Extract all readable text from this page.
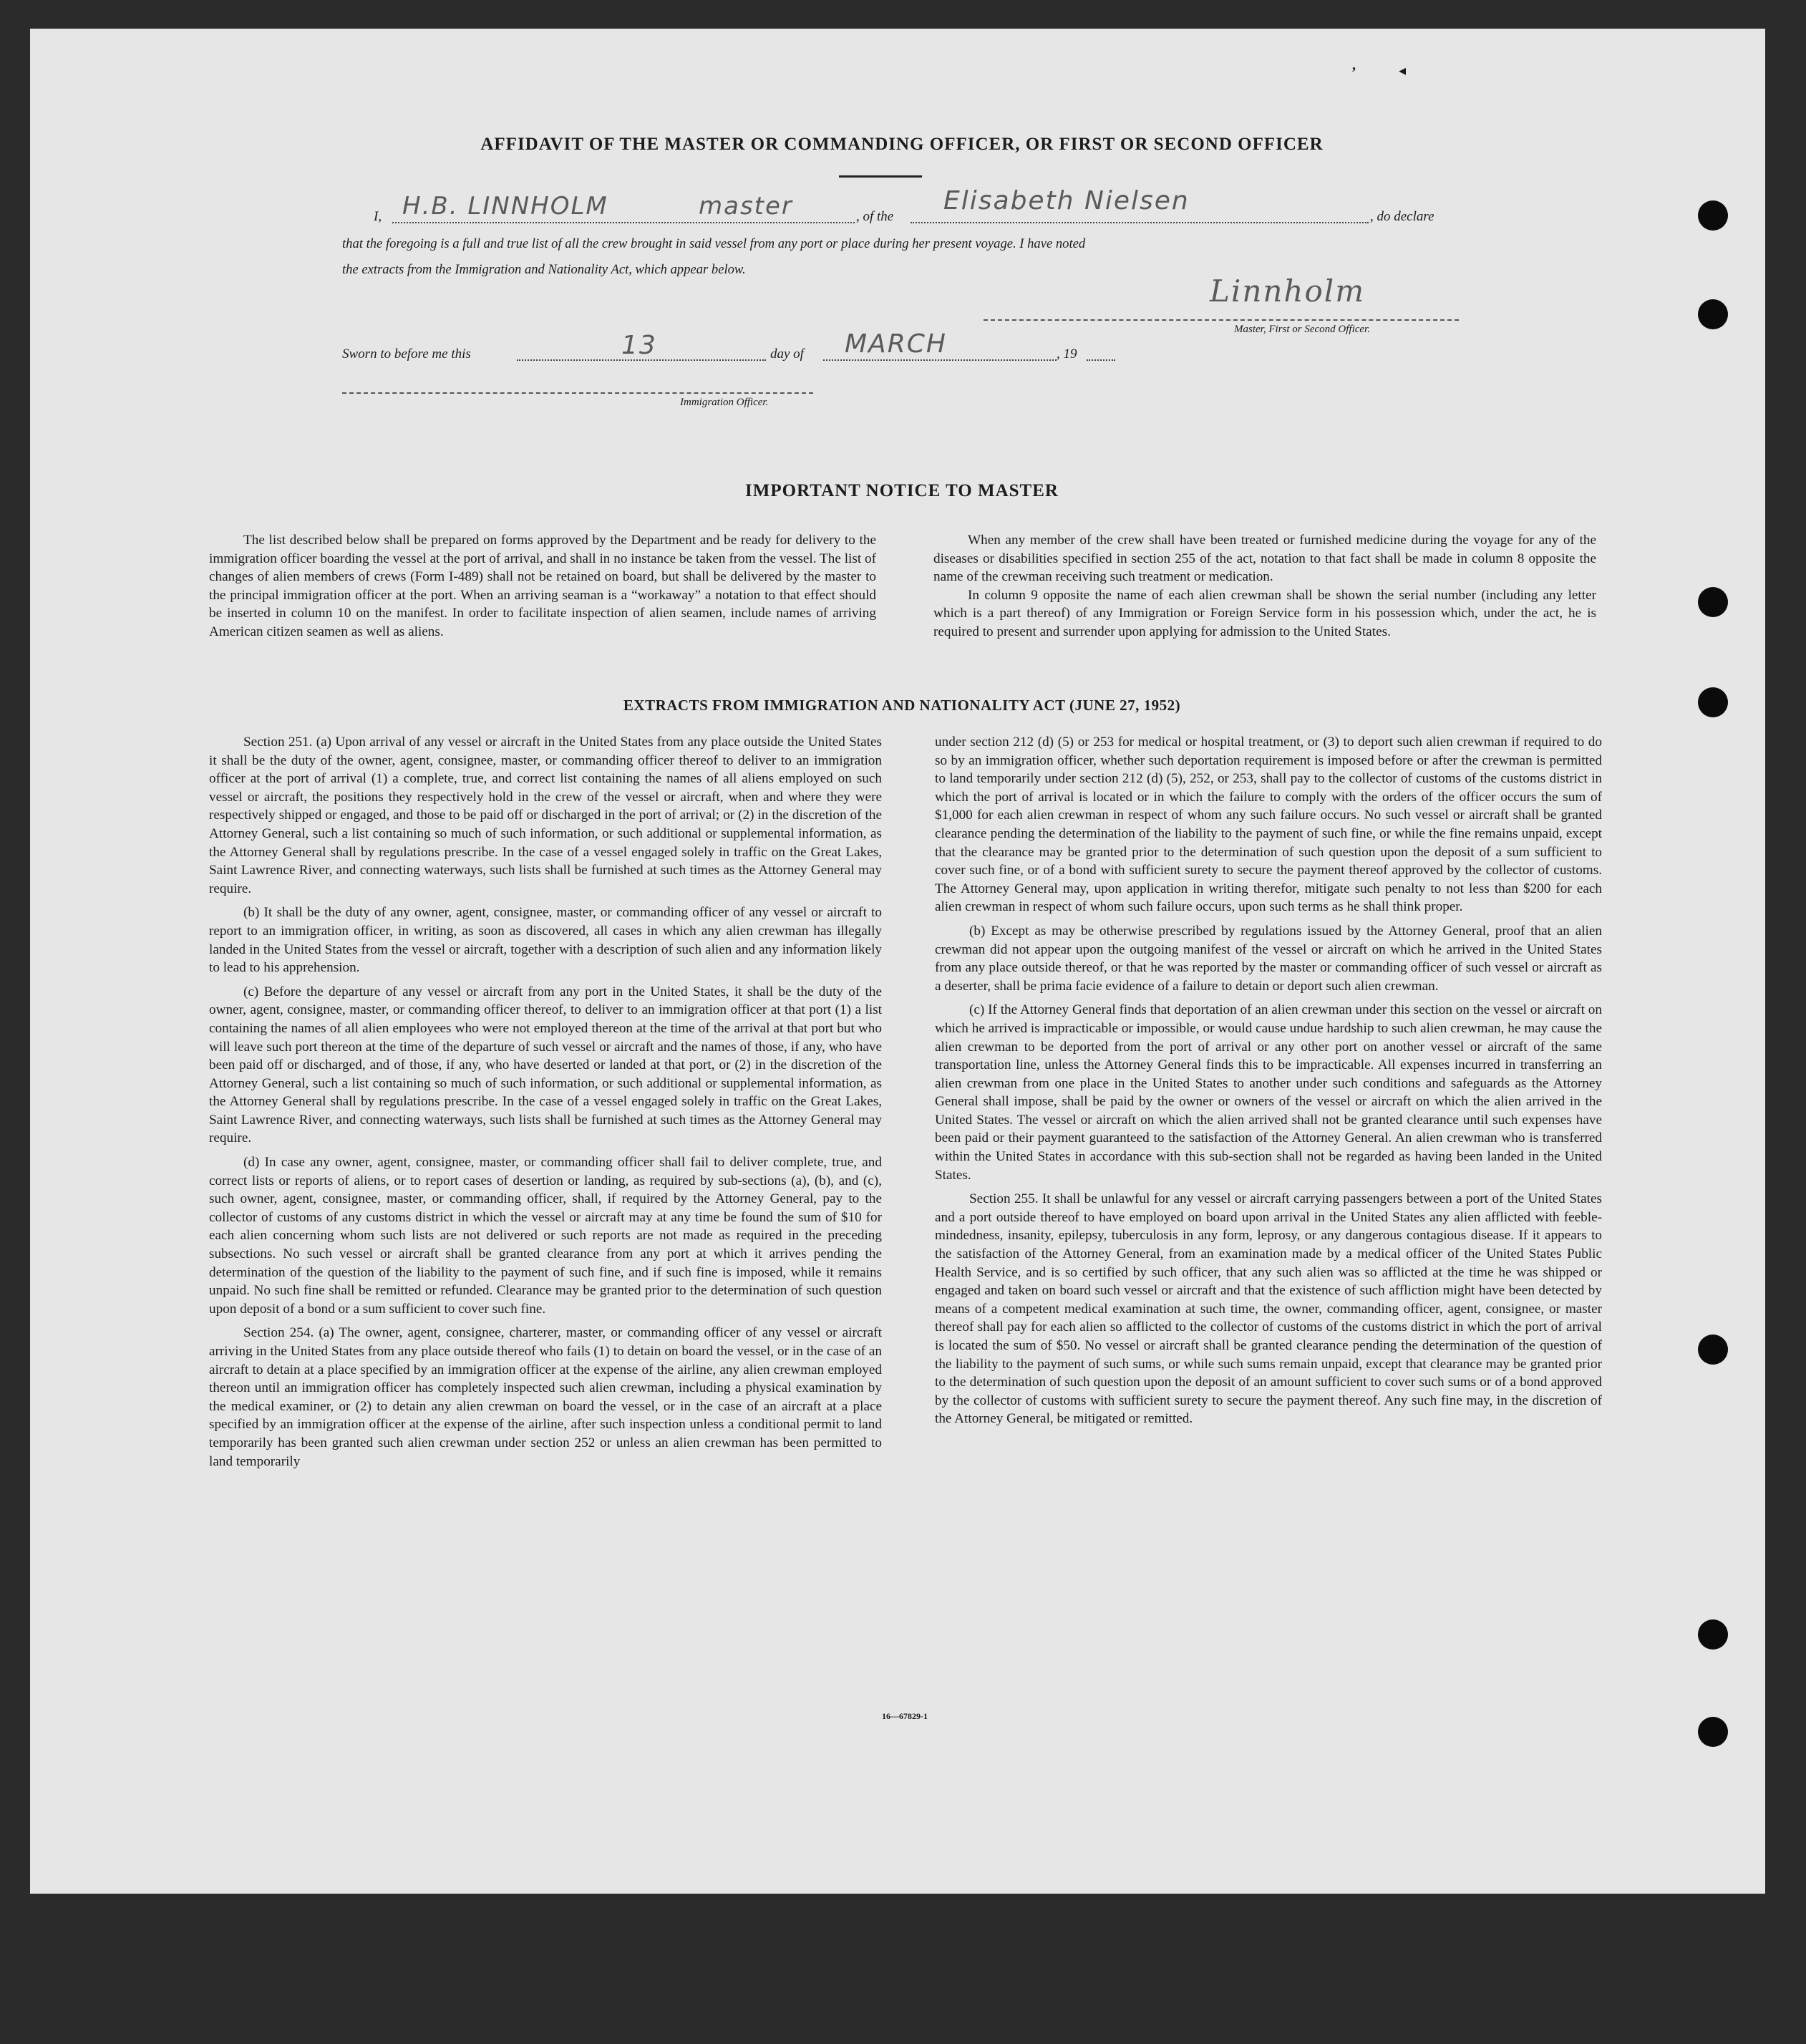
’	◂
AFFIDAVIT OF THE MASTER OR COMMANDING OFFICER, OR FIRST OR SECOND OFFICER
I, H.B. LINNHOLM	master	, of the
Elisabeth Nielsen
, do declare
that the foregoing is a full and true list of all the crew brought in said vessel from any port or place during her present voyage. I have noted
the extracts from the Immigration and Nationality Act, which appear below.
Linnholm
Master, First or Second Officer.
Sworn to before me this	13	day of MARCH	, 19
Immigration Officer.
IMPORTANT NOTICE TO MASTER

The list described below shall be prepared on forms approved by the Department and be ready for delivery to the immigration officer boarding the vessel at the port of arrival, and shall in no instance be taken from the vessel. The list of changes of alien members of crews (Form I-489) shall not be retained on board, but shall be delivered by the master to the principal immigration officer at the port. When an arriving seaman is a “workaway” a notation to that effect should be inserted in column 10 on the manifest. In order to facilitate inspection of alien seamen, include names of arriving American citizen seamen as well as aliens.

When any member of the crew shall have been treated or furnished medicine during the voyage for any of the diseases or disabilities specified in section 255 of the act, notation to that fact shall be made in column 8 opposite the name of the crewman receiving such treatment or medication.

In column 9 opposite the name of each alien crewman shall be shown the serial number (including any letter which is a part thereof) of any Immigration or Foreign Service form in his possession which, under the act, he is required to present and surrender upon applying for admission to the United States.

EXTRACTS FROM IMMIGRATION AND NATIONALITY ACT (JUNE 27, 1952)

Section 251. (a) Upon arrival of any vessel or aircraft in the United States from any place outside the United States it shall be the duty of the owner, agent, consignee, master, or commanding officer thereof to deliver to an immigration officer at the port of arrival (1) a complete, true, and correct list containing the names of all aliens employed on such vessel or aircraft, the positions they respectively hold in the crew of the vessel or aircraft, when and where they were respectively shipped or engaged, and those to be paid off or discharged in the port of arrival; or (2) in the discretion of the Attorney General, such a list containing so much of such information, or such additional or supplemental information, as the Attorney General shall by regulations prescribe. In the case of a vessel engaged solely in traffic on the Great Lakes, Saint Lawrence River, and connecting waterways, such lists shall be furnished at such times as the Attorney General may require.

(b) It shall be the duty of any owner, agent, consignee, master, or commanding officer of any vessel or aircraft to report to an immigration officer, in writing, as soon as discovered, all cases in which any alien crewman has illegally landed in the United States from the vessel or aircraft, together with a description of such alien and any information likely to lead to his apprehension.

(c) Before the departure of any vessel or aircraft from any port in the United States, it shall be the duty of the owner, agent, consignee, master, or commanding officer thereof, to deliver to an immigration officer at that port (1) a list containing the names of all alien employees who were not employed thereon at the time of the arrival at that port but who will leave such port thereon at the time of the departure of such vessel or aircraft and the names of those, if any, who have been paid off or discharged, and of those, if any, who have deserted or landed at that port, or (2) in the discretion of the Attorney General, such a list containing so much of such information, or such additional or supplemental information, as the Attorney General shall by regulations prescribe. In the case of a vessel engaged solely in traffic on the Great Lakes, Saint Lawrence River, and connecting waterways, such lists shall be furnished at such times as the Attorney General may require.

(d) In case any owner, agent, consignee, master, or commanding officer shall fail to deliver complete, true, and correct lists or reports of aliens, or to report cases of desertion or landing, as required by sub-sections (a), (b), and (c), such owner, agent, consignee, master, or commanding officer, shall, if required by the Attorney General, pay to the collector of customs of any customs district in which the vessel or aircraft may at any time be found the sum of $10 for each alien concerning whom such lists are not delivered or such reports are not made as required in the preceding subsections. No such vessel or aircraft shall be granted clearance from any port at which it arrives pending the determination of the question of the liability to the payment of such fine, and if such fine is imposed, while it remains unpaid. No such fine shall be remitted or refunded. Clearance may be granted prior to the determination of such question upon deposit of a bond or a sum sufficient to cover such fine.

Section 254. (a) The owner, agent, consignee, charterer, master, or commanding officer of any vessel or aircraft arriving in the United States from any place outside thereof who fails (1) to detain on board the vessel, or in the case of an aircraft to detain at a place specified by an immigration officer at the expense of the airline, any alien crewman employed thereon until an immigration officer has completely inspected such alien crewman, including a physical examination by the medical examiner, or (2) to detain any alien crewman on board the vessel, or in the case of an aircraft at a place specified by an immigration officer at the expense of the airline, after such inspection unless a conditional permit to land temporarily has been granted such alien crewman under section 252 or unless an alien crewman has been permitted to land temporarily

under section 212 (d) (5) or 253 for medical or hospital treatment, or (3) to deport such alien crewman if required to do so by an immigration officer, whether such deportation requirement is imposed before or after the crewman is permitted to land temporarily under section 212 (d) (5), 252, or 253, shall pay to the collector of customs of the customs district in which the port of arrival is located or in which the failure to comply with the orders of the officer occurs the sum of $1,000 for each alien crewman in respect of whom any such failure occurs. No such vessel or aircraft shall be granted clearance pending the determination of the liability to the payment of such fine, or while the fine remains unpaid, except that the clearance may be granted prior to the determination of such question upon the deposit of a sum sufficient to cover such fine, or of a bond with sufficient surety to secure the payment thereof approved by the collector of customs. The Attorney General may, upon application in writing therefor, mitigate such penalty to not less than $200 for each alien crewman in respect of whom such failure occurs, upon such terms as he shall think proper.

(b) Except as may be otherwise prescribed by regulations issued by the Attorney General, proof that an alien crewman did not appear upon the outgoing manifest of the vessel or aircraft on which he arrived in the United States from any place outside thereof, or that he was reported by the master or commanding officer of such vessel or aircraft as a deserter, shall be prima facie evidence of a failure to detain or deport such alien crewman.

(c) If the Attorney General finds that deportation of an alien crewman under this section on the vessel or aircraft on which he arrived is impracticable or impossible, or would cause undue hardship to such alien crewman, he may cause the alien crewman to be deported from the port of arrival or any other port on another vessel or aircraft of the same transportation line, unless the Attorney General finds this to be impracticable. All expenses incurred in transferring an alien crewman from one place in the United States to another under such conditions and safeguards as the Attorney General shall impose, shall be paid by the owner or owners of the vessel or aircraft on which the alien arrived in the United States. The vessel or aircraft on which the alien arrived shall not be granted clearance until such expenses have been paid or their payment guaranteed to the satisfaction of the Attorney General. An alien crewman who is transferred within the United States in accordance with this sub-section shall not be regarded as having been landed in the United States.

Section 255. It shall be unlawful for any vessel or aircraft carrying passengers between a port of the United States and a port outside thereof to have employed on board upon arrival in the United States any alien afflicted with feeble-mindedness, insanity, epilepsy, tuberculosis in any form, leprosy, or any dangerous contagious disease. If it appears to the satisfaction of the Attorney General, from an examination made by a medical officer of the United States Public Health Service, and is so certified by such officer, that any such alien was so afflicted at the time he was shipped or engaged and taken on board such vessel or aircraft and that the existence of such affliction might have been detected by means of a competent medical examination at such time, the owner, commanding officer, agent, consignee, or master thereof shall pay for each alien so afflicted to the collector of customs of the customs district in which the port of arrival is located the sum of $50. No vessel or aircraft shall be granted clearance pending the determination of the question of the liability to the payment of such sums, or while such sums remain unpaid, except that clearance may be granted prior to the determination of such question upon the deposit of an amount sufficient to cover such sums or of a bond approved by the collector of customs with sufficient surety to secure the payment thereof. Any such fine may, in the discretion of the Attorney General, be mitigated or remitted.

16—67829-1
